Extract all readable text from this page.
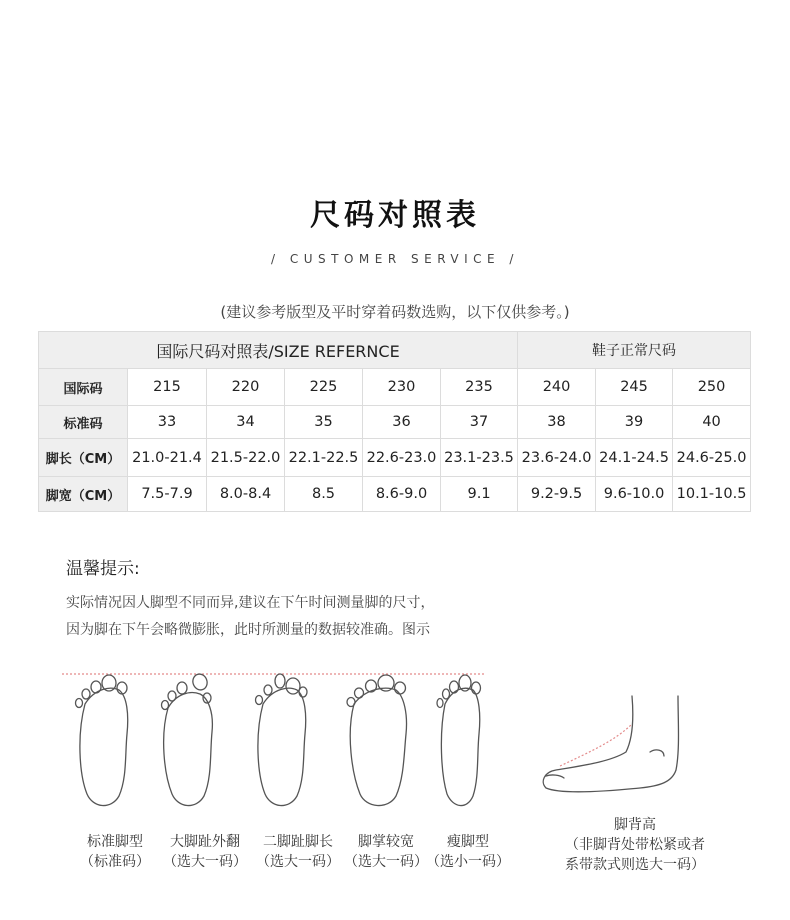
尺码对照表
/ CUSTOMER SERVICE /
(建议参考版型及平时穿着码数选购，以下仅供参考。)
国际尺码对照表/SIZE REFERNCE						鞋子正常尺码		
国际码	215	220	225	230	235	240	245	250
标准码	33	34	35	36	37	38	39	40
脚长（CM）	21.0-21.4	21.5-22.0	22.1-22.5	22.6-23.0	23.1-23.5	23.6-24.0	24.1-24.5	24.6-25.0
脚宽（CM）	7.5-7.9	8.0-8.4	8.5	8.6-9.0	9.1	9.2-9.5	9.6-10.0	10.1-10.5
温馨提示:
实际情况因人脚型不同而异,建议在下午时间测量脚的尺寸，
因为脚在下午会略微膨胀，此时所测量的数据较准确。图示
标准脚型
（标准码）
大脚趾外翻
（选大一码）
二脚趾脚长
（选大一码）
脚掌较宽
（选大一码）
瘦脚型
（选小一码）
脚背高
（非脚背处带松紧或者
系带款式则选大一码）
